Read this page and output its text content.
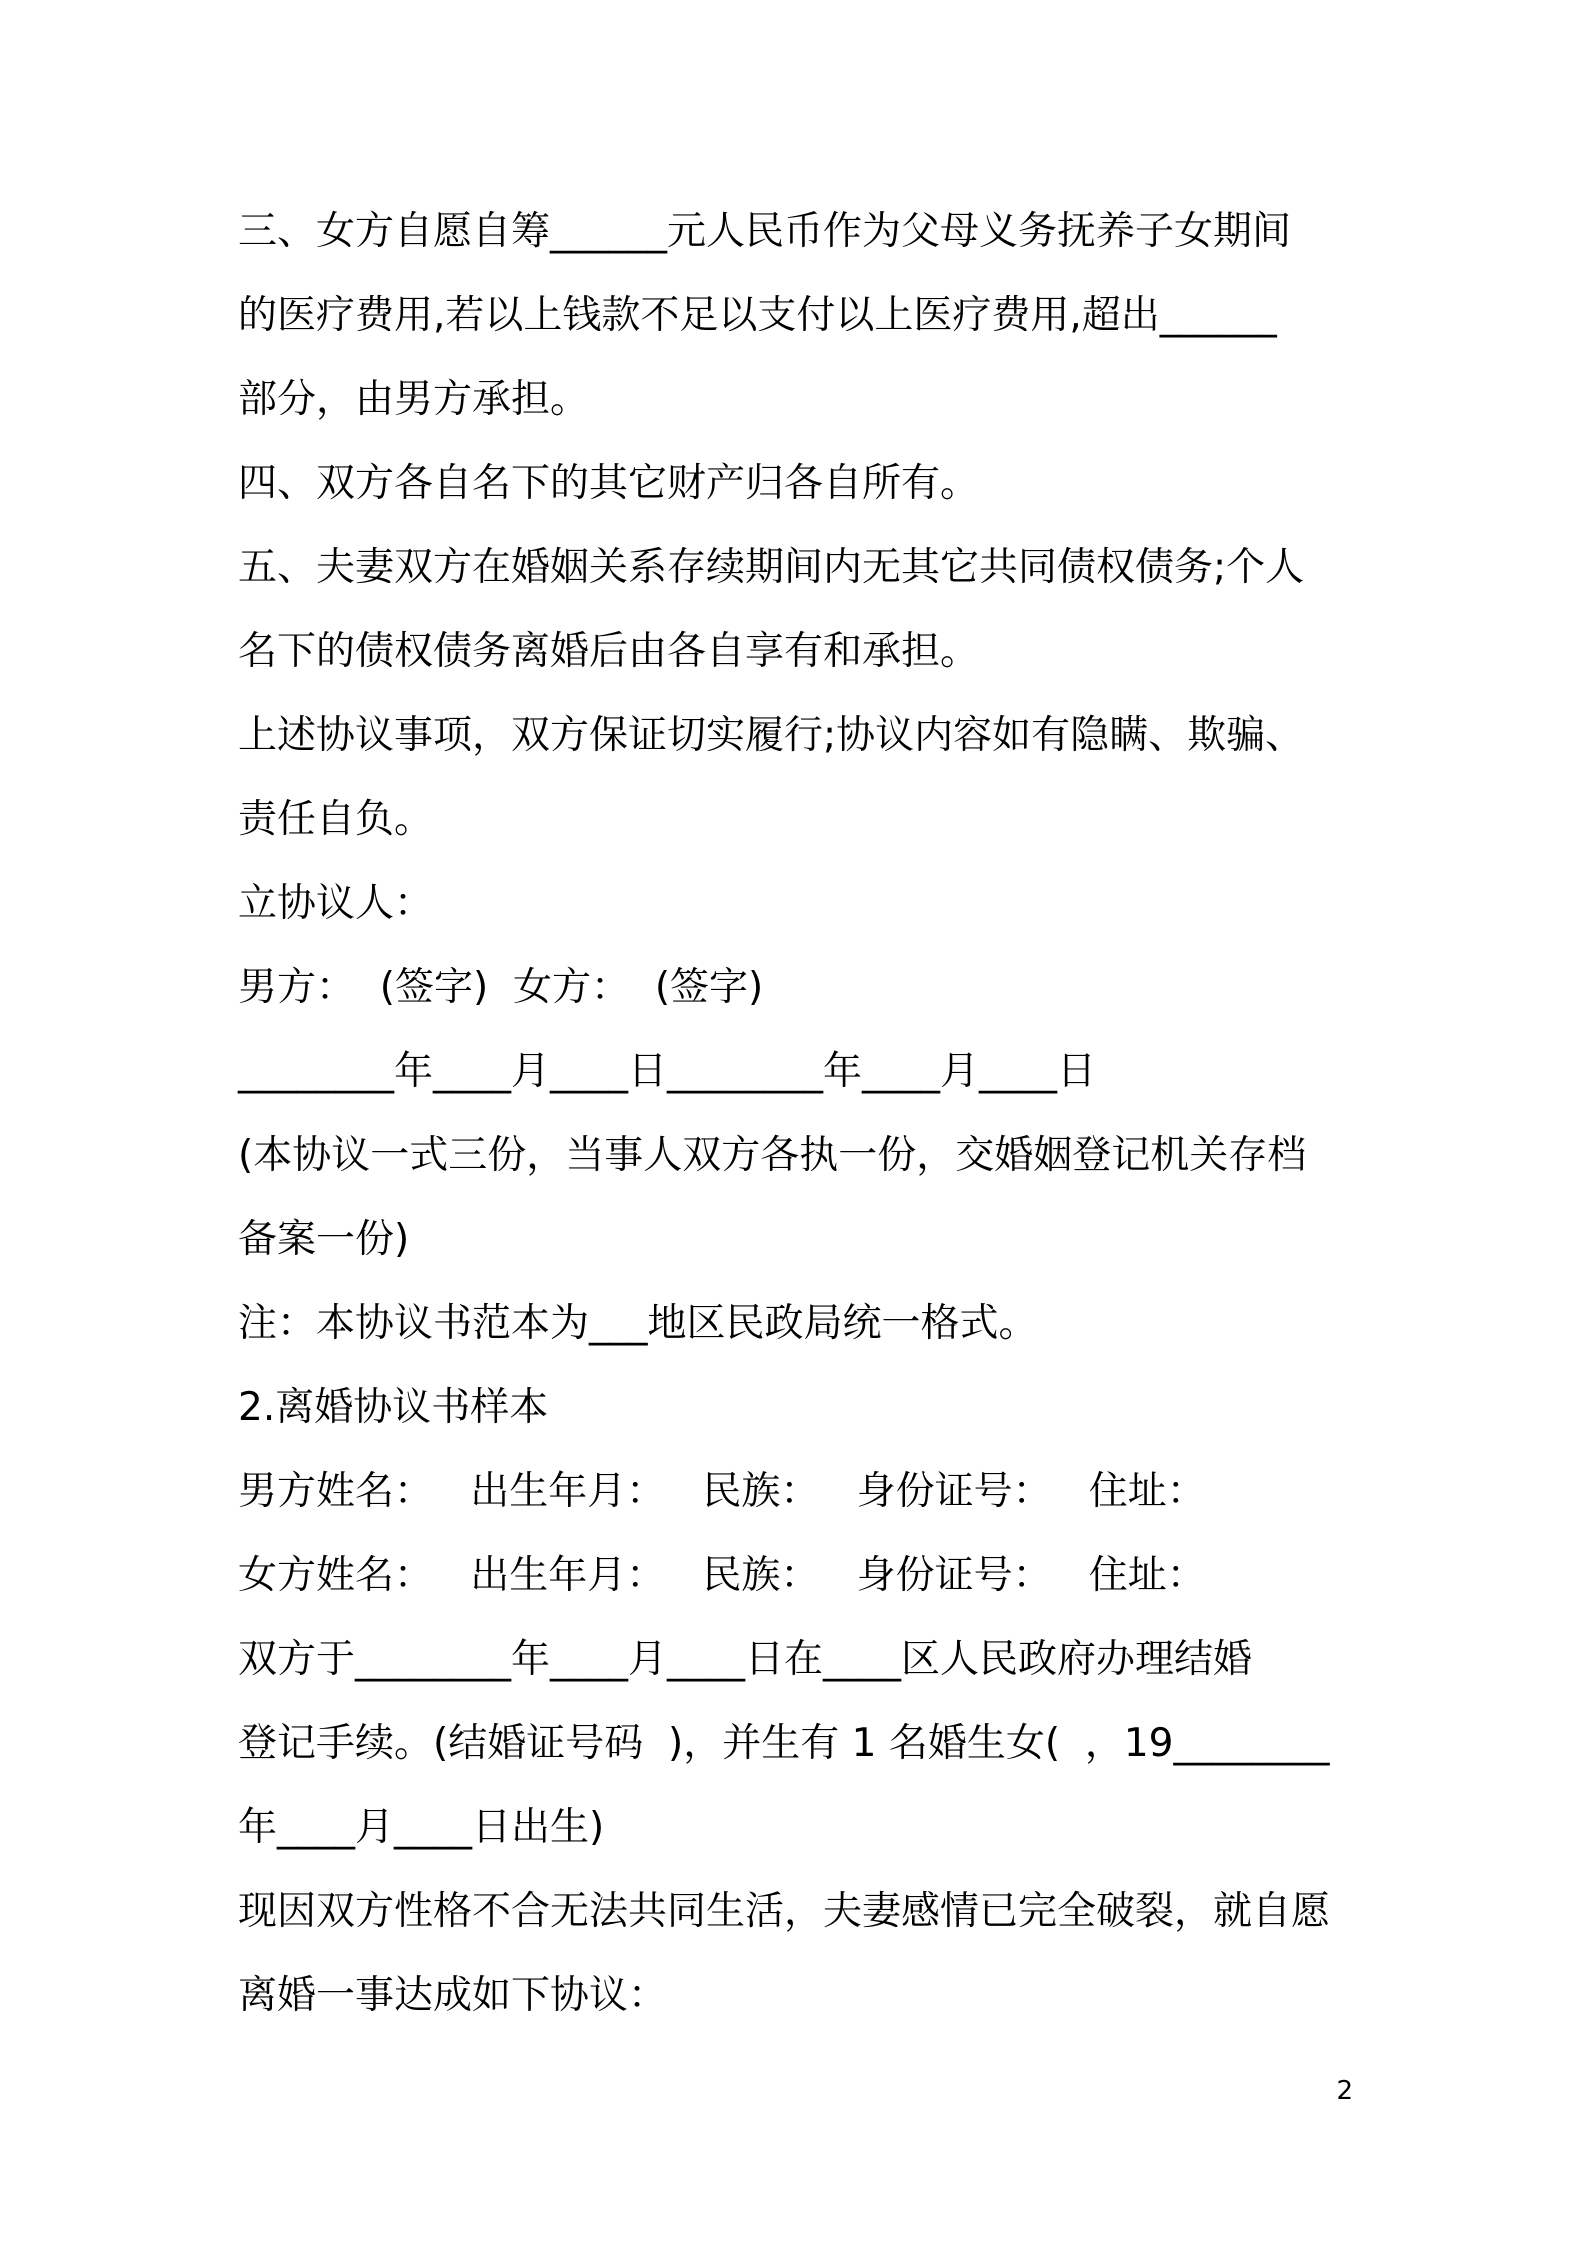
三、女方自愿自筹______元人民币作为父母义务抚养子女期间
的医疗费用,若以上钱款不足以支付以上医疗费用,超出______
部分，由男方承担。
四、双方各自名下的其它财产归各自所有。
五、夫妻双方在婚姻关系存续期间内无其它共同债权债务;个人
名下的债权债务离婚后由各自享有和承担。
上述协议事项，双方保证切实履行;协议内容如有隐瞒、欺骗、
责任自负。
立协议人：
男方：  (签字)  女方：  (签字)
________年____月____日________年____月____日
(本协议一式三份，当事人双方各执一份，交婚姻登记机关存档
备案一份)
注：本协议书范本为___地区民政局统一格式。
2.离婚协议书样本
男方姓名：   出生年月：   民族：   身份证号：   住址：
女方姓名：   出生年月：   民族：   身份证号：   住址：
双方于________年____月____日在____区人民政府办理结婚
登记手续。(结婚证号码  )，并生有 1 名婚生女(  ，19________
年____月____日出生)
现因双方性格不合无法共同生活，夫妻感情已完全破裂，就自愿
离婚一事达成如下协议：
2
